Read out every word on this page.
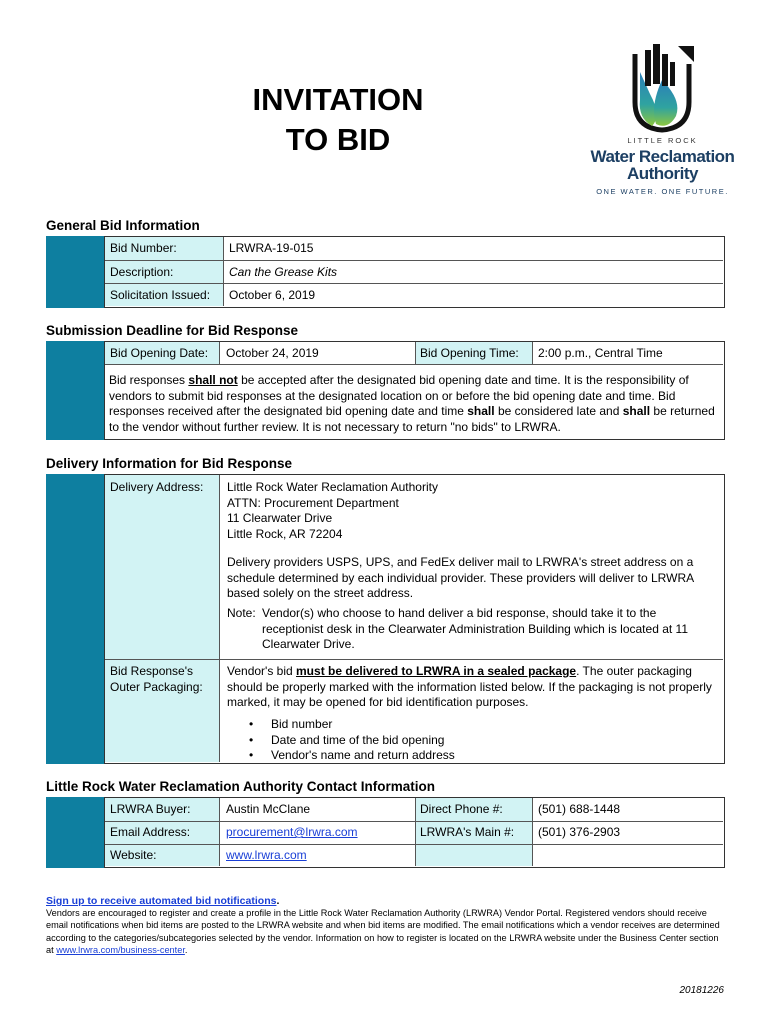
INVITATION
TO BID	LITTLE ROCK
Water Reclamation
Authority
ONE WATER. ONE FUTURE.
General Bid Information
Bid Number:	LRWRA-19-015
Description:	Can the Grease Kits
Solicitation Issued: October 6, 2019
Submission Deadline for Bid Response
Bid Opening Date: October 24, 2019	Bid Opening Time: 2:00 p.m., Central Time
Bid responses shall not be accepted after the designated bid opening date and time. It is the responsibility of vendors to submit bid responses at the designated location on or before the bid opening date and time. Bid responses received after the designated bid opening date and time shall be considered late and shall be returned to the vendor without further review. It is not necessary to return "no bids" to LRWRA.
Delivery Information for Bid Response
Delivery Address: Little Rock Water Reclamation Authority
ATTN: Procurement Department
11 Clearwater Drive
Little Rock, AR 72204
Delivery providers USPS, UPS, and FedEx deliver mail to LRWRA's street address on a schedule determined by each individual provider. These providers will deliver to LRWRA based solely on the street address.
Note: Vendor(s) who choose to hand deliver a bid response, should take it to the receptionist desk in the Clearwater Administration Building which is located at 11 Clearwater Drive.
Bid Response's
Outer Packaging:
Vendor's bid must be delivered to LRWRA in a sealed package. The outer packaging should be properly marked with the information listed below. If the packaging is not properly marked, it may be opened for bid identification purposes.
• Bid number
• Date and time of the bid opening
• Vendor's name and return address
Little Rock Water Reclamation Authority Contact Information
LRWRA Buyer:	Austin McClane	Direct Phone #:	(501) 688-1448
Email Address:	procurement@lrwra.com	LRWRA's Main #: (501) 376-2903
Website:	www.lrwra.com
Sign up to receive automated bid notifications.
Vendors are encouraged to register and create a profile in the Little Rock Water Reclamation Authority (LRWRA) Vendor Portal. Registered vendors should receive email notifications when bid items are posted to the LRWRA website and when bid items are modified. The email notifications which a vendor receives are determined according to the categories/subcategories selected by the vendor. Information on how to register is located on the LRWRA website under the Business Center section at www.lrwra.com/business-center.
20181226
